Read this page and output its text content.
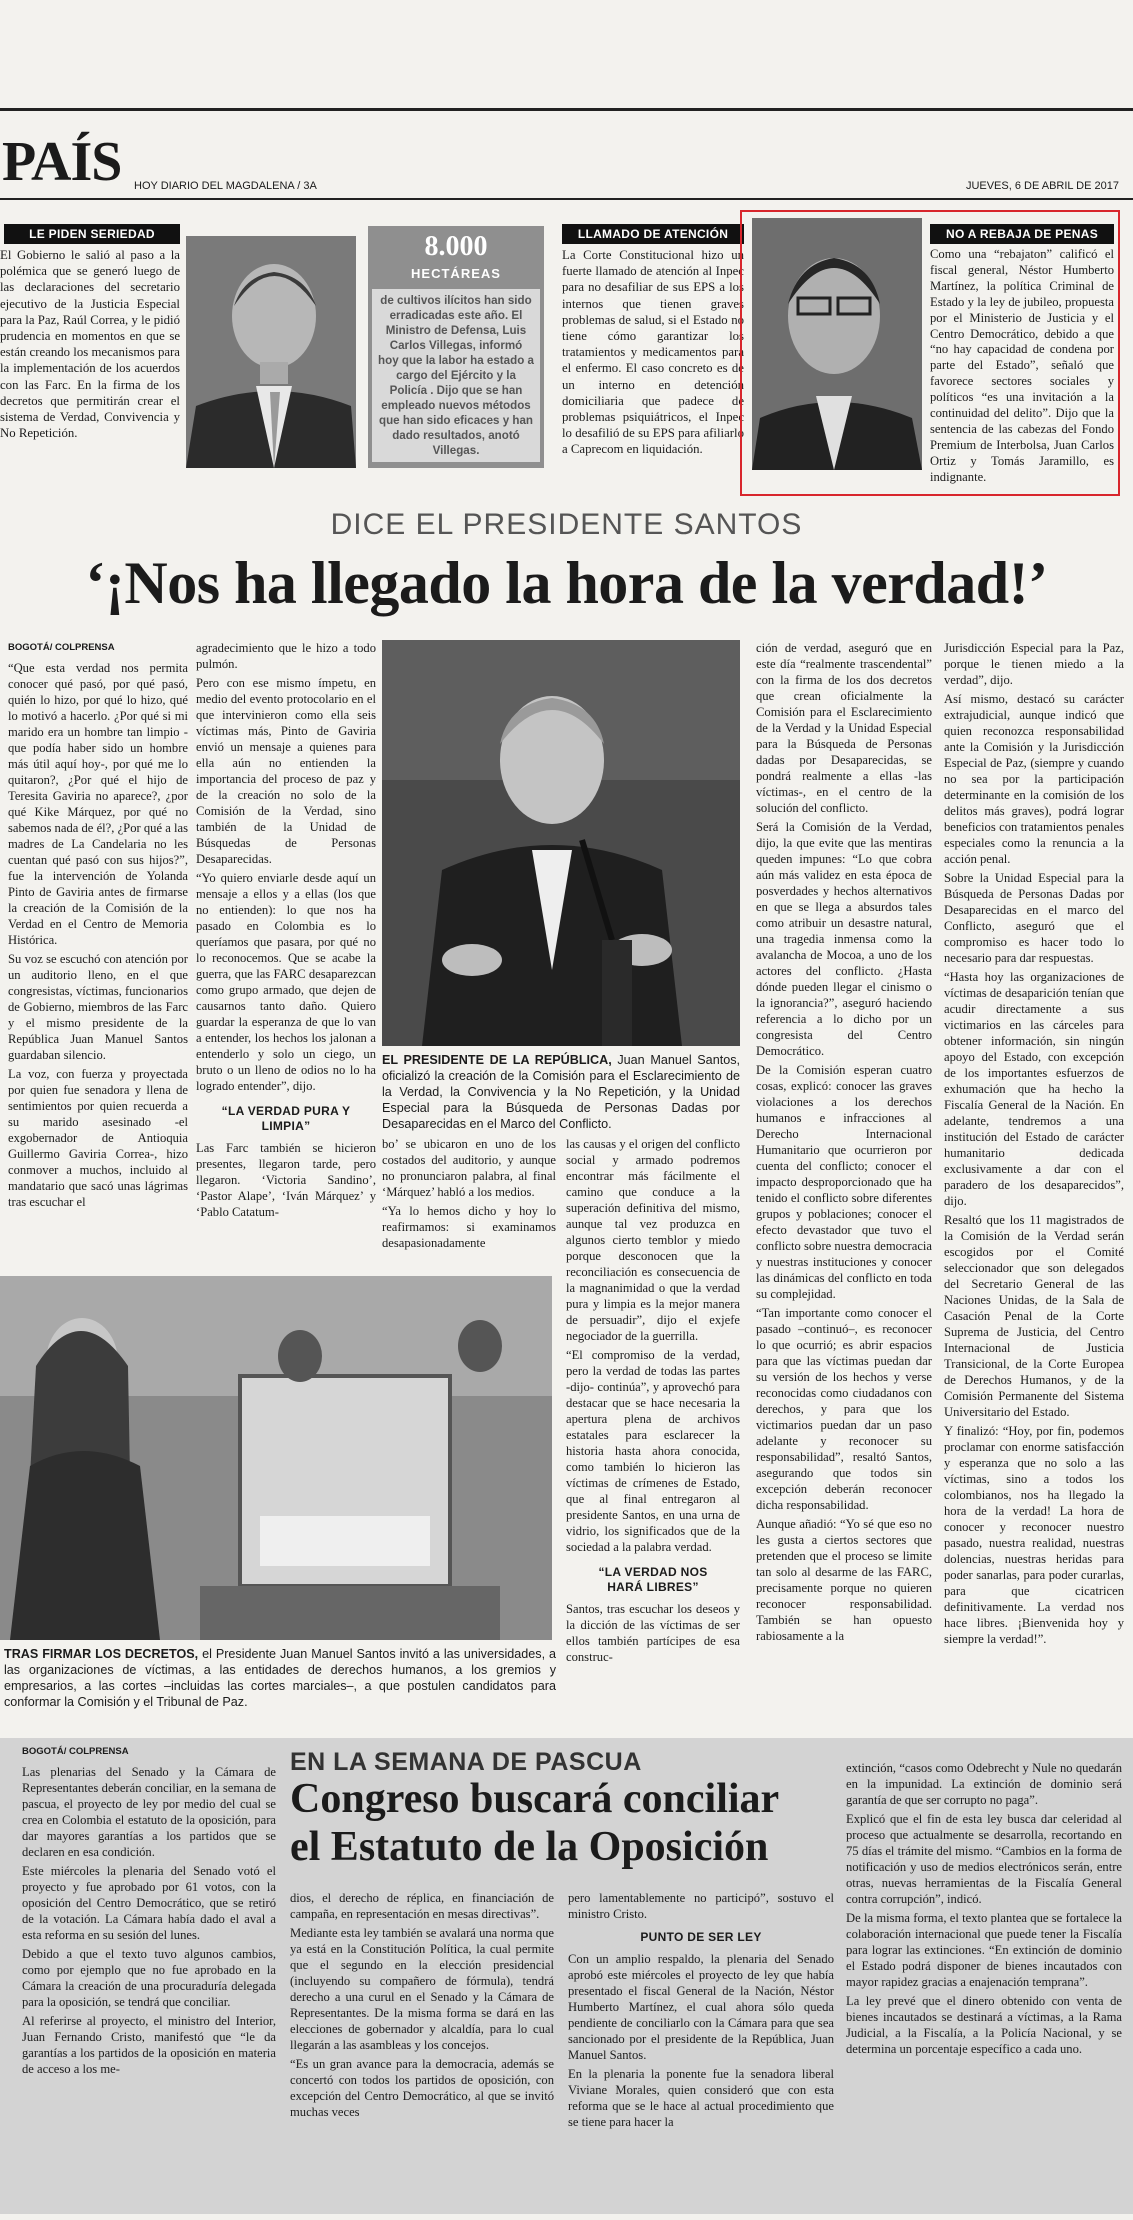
PAÍS HOY DIARIO DEL MAGDALENA / 3A	JUEVES, 6 DE ABRIL DE 2017
LE PIDEN SERIEDAD

El Gobierno le salió al paso a la polémica que se generó luego de las declaraciones del secretario ejecutivo de la Justicia Especial para la Paz, Raúl Correa, y le pidió prudencia en momentos en que se están creando los mecanismos para la implementación de los acuerdos con las Farc. En la firma de los decretos que permitirán crear el sistema de Verdad, Convivencia y No Repetición.

8.000
HECTÁREAS

de cultivos ilícitos han sido erradicadas este año. El Ministro de Defensa, Luis Carlos Villegas, informó hoy que la labor ha estado a cargo del Ejército y la Policía . Dijo que se han empleado nuevos métodos que han sido eficaces y han dado resultados, anotó Villegas.

LLAMADO DE ATENCIÓN

La Corte Constitucional hizo un fuerte llamado de atención al Inpec para no desafiliar de sus EPS a los internos que tienen graves problemas de salud, si el Estado no tiene cómo garantizar los tratamientos y medicamentos para el enfermo. El caso concreto es de un interno en detención domiciliaria que padece de problemas psiquiátricos, el Inpec lo desafilió de su EPS para afiliarlo a Caprecom en liquidación.

NO A REBAJA DE PENAS

Como una “rebajaton” calificó el fiscal general, Néstor Humberto Martínez, la política Criminal de Estado y la ley de jubileo, propuesta por el Ministerio de Justicia y el Centro Democrático, debido a que “no hay capacidad de condena por parte del Estado”, señaló que favorece sectores sociales y políticos “es una invitación a la continuidad del delito”. Dijo que la sentencia de las cabezas del Fondo Premium de Interbolsa, Juan Carlos Ortiz y Tomás Jaramillo, es indignante.

DICE EL PRESIDENTE SANTOS
‘¡Nos ha llegado la hora de la verdad!’
BOGOTÁ/ COLPRENSA

“Que esta verdad nos permita conocer qué pasó, por qué pasó, quién lo hizo, por qué lo hizo, qué lo motivó a hacerlo. ¿Por qué si mi marido era un hombre tan limpio -que podía haber sido un hombre más útil aquí hoy-, por qué me lo quitaron?, ¿Por qué el hijo de Teresita Gaviria no aparece?, ¿por qué Kike Márquez, por qué no sabemos nada de él?, ¿Por qué a las madres de La Candelaria no les cuentan qué pasó con sus hijos?”, fue la intervención de Yolanda Pinto de Gaviria antes de firmarse la creación de la Comisión de la Verdad en el Centro de Memoria Histórica.

Su voz se escuchó con atención por un auditorio lleno, en el que congresistas, víctimas, funcionarios de Gobierno, miembros de las Farc y el mismo presidente de la República Juan Manuel Santos guardaban silencio.

La voz, con fuerza y proyectada por quien fue senadora y llena de sentimientos por quien recuerda a su marido asesinado -el exgobernador de Antioquia Guillermo Gaviria Correa-, hizo conmover a muchos, incluido al mandatario que sacó unas lágrimas tras escuchar el

agradecimiento que le hizo a todo pulmón.

Pero con ese mismo ímpetu, en medio del evento protocolario en el que intervinieron como ella seis víctimas más, Pinto de Gaviria envió un mensaje a quienes para ella aún no entienden la importancia del proceso de paz y de la creación no solo de la Comisión de la Verdad, sino también de la Unidad de Búsquedas de Personas Desaparecidas.

“Yo quiero enviarle desde aquí un mensaje a ellos y a ellas (los que no entienden): lo que nos ha pasado en Colombia es lo queríamos que pasara, por qué no lo reconocemos. Que se acabe la guerra, que las FARC desaparezcan como grupo armado, que dejen de causarnos tanto daño. Quiero guardar la esperanza de que lo van a entender, los hechos los jalonan a entenderlo y solo un ciego, un bruto o un lleno de odios no lo ha logrado entender”, dijo.

“LA VERDAD PURA Y LIMPIA”

Las Farc también se hicieron presentes, llegaron tarde, pero llegaron. ‘Victoria Sandino’, ‘Pastor Alape’, ‘Iván Márquez’ y ‘Pablo Catatum-

EL PRESIDENTE DE LA REPÚBLICA, Juan Manuel Santos, oficializó la creación de la Comisión para el Esclarecimiento de la Verdad, la Convivencia y la No Repetición, y la Unidad Especial para la Búsqueda de Personas Dadas por Desaparecidas en el Marco del Conflicto.

bo’ se ubicaron en uno de los costados del auditorio, y aunque no pronunciaron palabra, al final ‘Márquez’ habló a los medios.

“Ya lo hemos dicho y hoy lo reafirmamos: si examinamos desapasionadamente

las causas y el origen del conflicto social y armado podremos encontrar más fácilmente el camino que conduce a la superación definitiva del mismo, aunque tal vez produzca en algunos cierto temblor y miedo porque desconocen que la reconciliación es consecuencia de la magnanimidad o que la verdad pura y limpia es la mejor manera de persuadir”, dijo el exjefe negociador de la guerrilla.

“El compromiso de la verdad, pero la verdad de todas las partes -dijo- continúa”, y aprovechó para destacar que se hace necesaria la apertura plena de archivos estatales para esclarecer la historia hasta ahora conocida, como también lo hicieron las víctimas de crímenes de Estado, que al final entregaron al presidente Santos, en una urna de vidrio, los significados que de la sociedad a la palabra verdad.

“LA VERDAD NOS HARÁ LIBRES”

Santos, tras escuchar los deseos y la dicción de las víctimas de ser ellos también partícipes de esa construc-

ción de verdad, aseguró que en este día “realmente trascendental” con la firma de los dos decretos que crean oficialmente la Comisión para el Esclarecimiento de la Verdad y la Unidad Especial para la Búsqueda de Personas dadas por Desaparecidas, se pondrá realmente a ellas -las víctimas-, en el centro de la solución del conflicto.

Será la Comisión de la Verdad, dijo, la que evite que las mentiras queden impunes: “Lo que cobra aún más validez en esta época de posverdades y hechos alternativos en que se llega a absurdos tales como atribuir un desastre natural, una tragedia inmensa como la avalancha de Mocoa, a uno de los actores del conflicto. ¿Hasta dónde pueden llegar el cinismo o la ignorancia?”, aseguró haciendo referencia a lo dicho por un congresista del Centro Democrático.

De la Comisión esperan cuatro cosas, explicó: conocer las graves violaciones a los derechos humanos e infracciones al Derecho Internacional Humanitario que ocurrieron por cuenta del conflicto; conocer el impacto desproporcionado que ha tenido el conflicto sobre diferentes grupos y poblaciones; conocer el efecto devastador que tuvo el conflicto sobre nuestra democracia y nuestras instituciones y conocer las dinámicas del conflicto en toda su complejidad.

“Tan importante como conocer el pasado –continuó–, es reconocer lo que ocurrió; es abrir espacios para que las víctimas puedan dar su versión de los hechos y verse reconocidas como ciudadanos con derechos, y para que los victimarios puedan dar un paso adelante y reconocer su responsabilidad”, resaltó Santos, asegurando que todos sin excepción deberán reconocer dicha responsabilidad.

Aunque añadió: “Yo sé que eso no les gusta a ciertos sectores que pretenden que el proceso se limite tan solo al desarme de las FARC, precisamente porque no quieren reconocer responsabilidad. También se han opuesto rabiosamente a la

Jurisdicción Especial para la Paz, porque le tienen miedo a la verdad”, dijo.

Así mismo, destacó su carácter extrajudicial, aunque indicó que quien reconozca responsabilidad ante la Comisión y la Jurisdicción Especial de Paz, (siempre y cuando no sea por la participación determinante en la comisión de los delitos más graves), podrá lograr beneficios con tratamientos penales especiales como la renuncia a la acción penal.

Sobre la Unidad Especial para la Búsqueda de Personas Dadas por Desaparecidas en el marco del Conflicto, aseguró que el compromiso es hacer todo lo necesario para dar respuestas.

“Hasta hoy las organizaciones de víctimas de desaparición tenían que acudir directamente a sus victimarios en las cárceles para obtener información, sin ningún apoyo del Estado, con excepción de los importantes esfuerzos de exhumación que ha hecho la Fiscalía General de la Nación. En adelante, tendremos a una institución del Estado de carácter humanitario dedicada exclusivamente a dar con el paradero de los desaparecidos”, dijo.

Resaltó que los 11 magistrados de la Comisión de la Verdad serán escogidos por el Comité seleccionador que son delegados del Secretario General de las Naciones Unidas, de la Sala de Casación Penal de la Corte Suprema de Justicia, del Centro Internacional de Justicia Transicional, de la Corte Europea de Derechos Humanos, y de la Comisión Permanente del Sistema Universitario del Estado.

Y finalizó: “Hoy, por fin, podemos proclamar con enorme satisfacción y esperanza que no solo a las víctimas, sino a todos los colombianos, nos ha llegado la hora de la verdad! La hora de conocer y reconocer nuestro pasado, nuestra realidad, nuestras dolencias, nuestras heridas para poder sanarlas, para poder curarlas, para que cicatricen definitivamente. La verdad nos hace libres. ¡Bienvenida hoy y siempre la verdad!”.

TRAS FIRMAR LOS DECRETOS, el Presidente Juan Manuel Santos invitó a las universidades, a las organizaciones de víctimas, a las entidades de derechos humanos, a los gremios y empresarios, a las cortes –incluidas las cortes marciales–, a que postulen candidatos para conformar la Comisión y el Tribunal de Paz.
BOGOTÁ/ COLPRENSA

Las plenarias del Senado y la Cámara de Representantes deberán conciliar, en la semana de pascua, el proyecto de ley por medio del cual se crea en Colombia el estatuto de la oposición, para dar mayores garantías a los partidos que se declaren en esa condición.

Este miércoles la plenaria del Senado votó el proyecto y fue aprobado por 61 votos, con la oposición del Centro Democrático, que se retiró de la votación. La Cámara había dado el aval a esta reforma en su sesión del lunes.

Debido a que el texto tuvo algunos cambios, como por ejemplo que no fue aprobado en la Cámara la creación de una procuraduría delegada para la oposición, se tendrá que conciliar.

Al referirse al proyecto, el ministro del Interior, Juan Fernando Cristo, manifestó que “le da garantías a los partidos de la oposición en materia de acceso a los me-

EN LA SEMANA DE PASCUA
Congreso buscará conciliar
el Estatuto de la Oposición

dios, el derecho de réplica, en financiación de campaña, en representación en mesas directivas”.

Mediante esta ley también se avalará una norma que ya está en la Constitución Política, la cual permite que el segundo en la elección presidencial (incluyendo su compañero de fórmula), tendrá derecho a una curul en el Senado y la Cámara de Representantes. De la misma forma se dará en las elecciones de gobernador y alcaldía, para lo cual llegarán a las asambleas y los concejos.

“Es un gran avance para la democracia, además se concertó con todos los partidos de oposición, con excepción del Centro Democrático, al que se invitó muchas veces

pero lamentablemente no participó”, sostuvo el ministro Cristo.

PUNTO DE SER LEY

Con un amplio respaldo, la plenaria del Senado aprobó este miércoles el proyecto de ley que había presentado el fiscal General de la Nación, Néstor Humberto Martínez, el cual ahora sólo queda pendiente de conciliarlo con la Cámara para que sea sancionado por el presidente de la República, Juan Manuel Santos.

En la plenaria la ponente fue la senadora liberal Viviane Morales, quien consideró que con esta reforma que se le hace al actual procedimiento que se tiene para hacer la

extinción, “casos como Odebrecht y Nule no quedarán en la impunidad. La extinción de dominio será garantía de que ser corrupto no paga”.

Explicó que el fin de esta ley busca dar celeridad al proceso que actualmente se desarrolla, recortando en 75 días el trámite del mismo. “Cambios en la forma de notificación y uso de medios electrónicos serán, entre otras, nuevas herramientas de la Fiscalía General contra corrupción”, indicó.

De la misma forma, el texto plantea que se fortalece la colaboración internacional que puede tener la Fiscalía para lograr las extinciones. “En extinción de dominio el Estado podrá disponer de bienes incautados con mayor rapidez gracias a enajenación temprana”.

La ley prevé que el dinero obtenido con venta de bienes incautados se destinará a víctimas, a la Rama Judicial, a la Fiscalía, a la Policía Nacional, y se determina un porcentaje específico a cada uno.
